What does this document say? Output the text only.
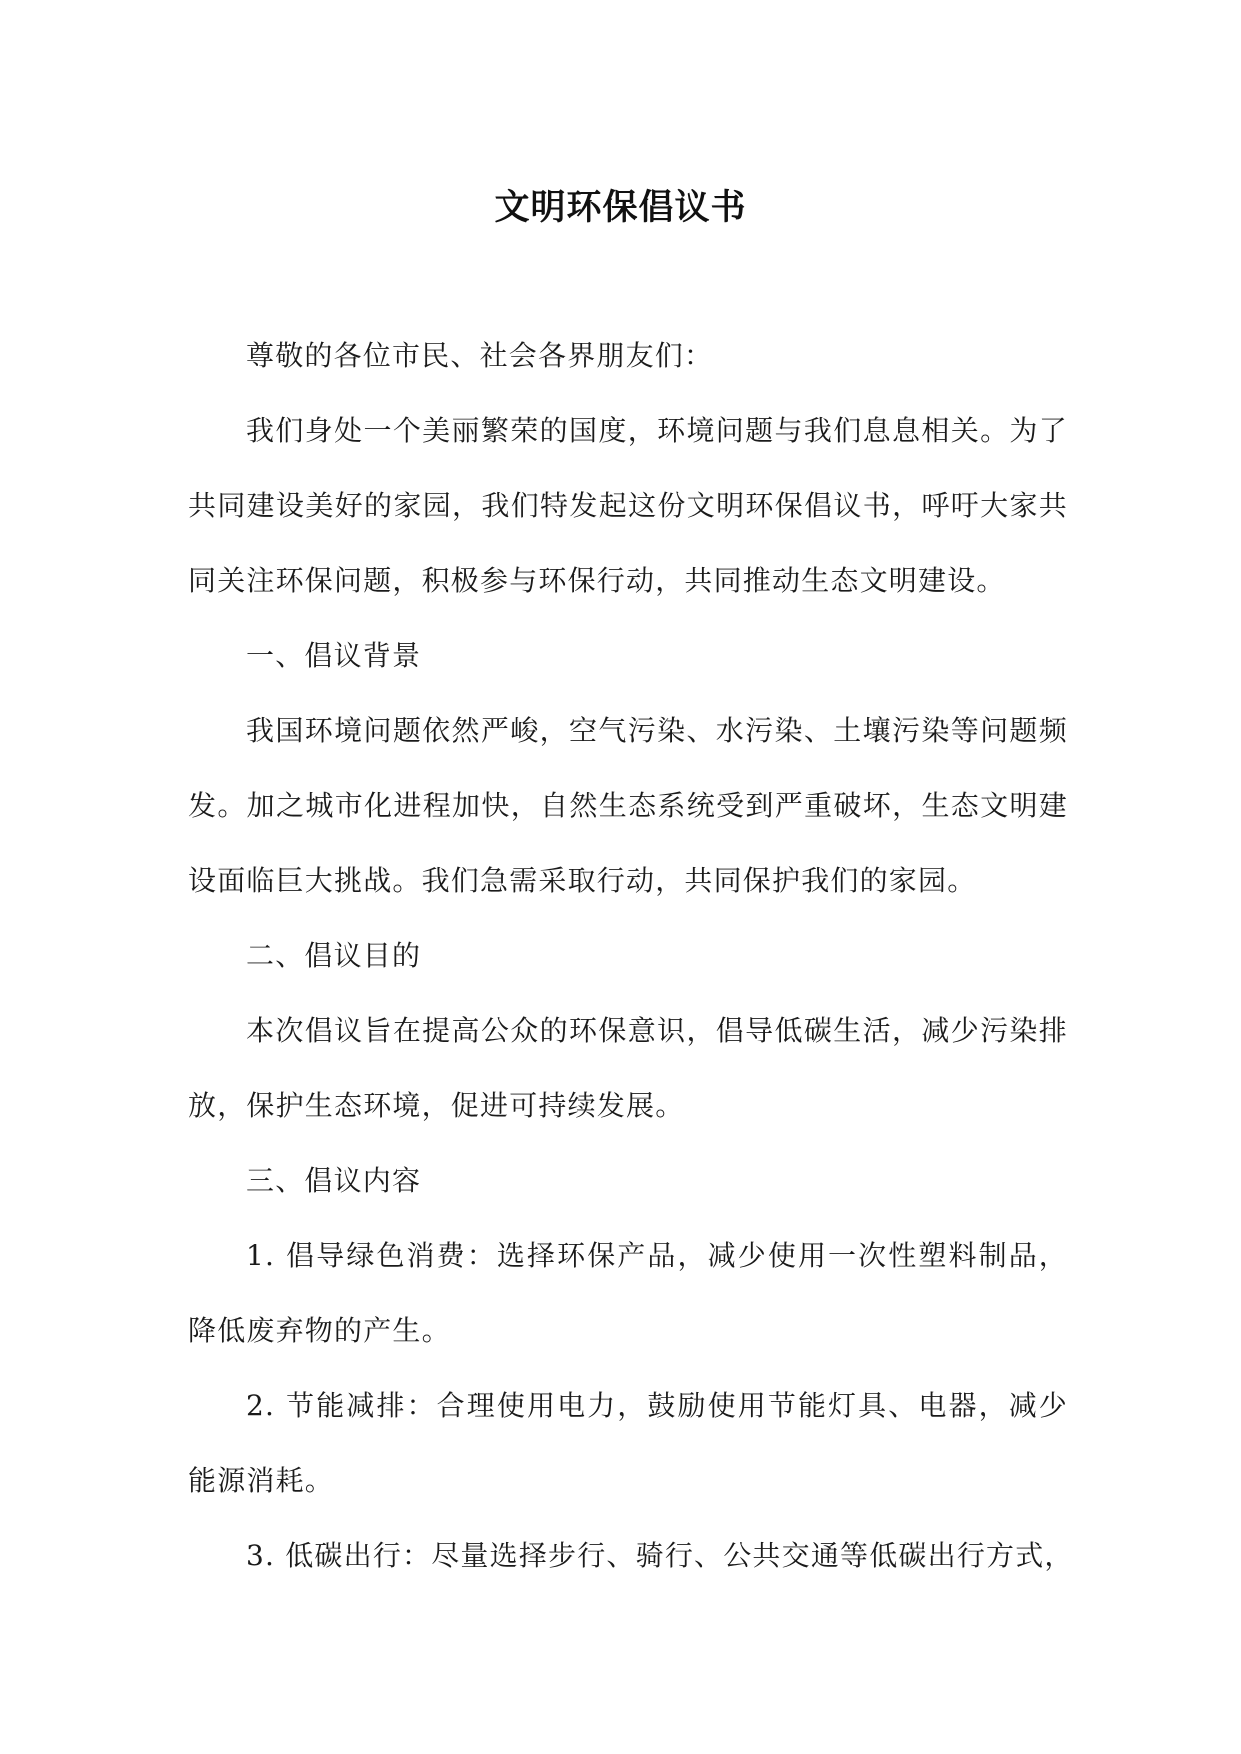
文明环保倡议书

尊敬的各位市民、社会各界朋友们：

我们身处一个美丽繁荣的国度，环境问题与我们息息相关。为了共同建设美好的家园，我们特发起这份文明环保倡议书，呼吁大家共同关注环保问题，积极参与环保行动，共同推动生态文明建设。

一、倡议背景

我国环境问题依然严峻，空气污染、水污染、土壤污染等问题频发。加之城市化进程加快，自然生态系统受到严重破坏，生态文明建设面临巨大挑战。我们急需采取行动，共同保护我们的家园。

二、倡议目的

本次倡议旨在提高公众的环保意识，倡导低碳生活，减少污染排放，保护生态环境，促进可持续发展。

三、倡议内容

1. 倡导绿色消费：选择环保产品，减少使用一次性塑料制品，降低废弃物的产生。

2. 节能减排：合理使用电力，鼓励使用节能灯具、电器，减少能源消耗。

3. 低碳出行：尽量选择步行、骑行、公共交通等低碳出行方式，
